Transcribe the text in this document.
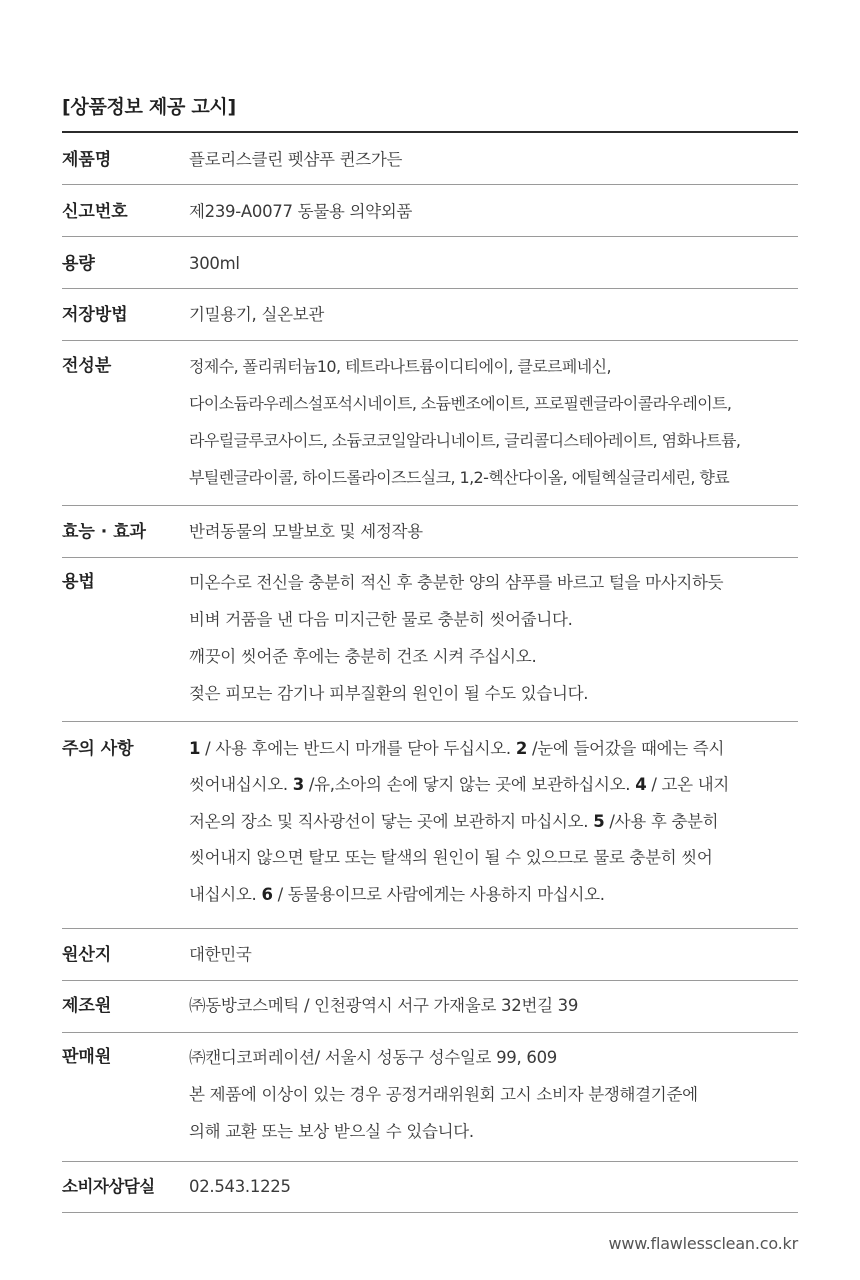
[상품정보 제공 고시]
제품명	플로리스클린 펫샴푸 퀸즈가든
신고번호	제239-A0077 동물용 의약외품
용량	300ml
저장방법	기밀용기, 실온보관
전성분	정제수, 폴리쿼터늄10, 테트라나트륨이디티에이, 클로르페네신,
다이소듐라우레스설포석시네이트, 소듐벤조에이트, 프로필렌글라이콜라우레이트,
라우릴글루코사이드, 소듐코코일알라니네이트, 글리콜디스테아레이트, 염화나트륨,
부틸렌글라이콜, 하이드롤라이즈드실크, 1,2-헥산다이올, 에틸헥실글리세린, 향료
효능 · 효과	반려동물의 모발보호 및 세정작용
용법	미온수로 전신을 충분히 적신 후 충분한 양의 샴푸를 바르고 털을 마사지하듯
비벼 거품을 낸 다음 미지근한 물로 충분히 씻어줍니다.
깨끗이 씻어준 후에는 충분히 건조 시켜 주십시오.
젖은 피모는 감기나 피부질환의 원인이 될 수도 있습니다.
주의 사항	1 / 사용 후에는 반드시 마개를 닫아 두십시오. 2 /눈에 들어갔을 때에는 즉시
씻어내십시오. 3 /유,소아의 손에 닿지 않는 곳에 보관하십시오. 4 / 고온 내지
저온의 장소 및 직사광선이 닿는 곳에 보관하지 마십시오. 5 /사용 후 충분히
씻어내지 않으면 탈모 또는 탈색의 원인이 될 수 있으므로 물로 충분히 씻어
내십시오. 6 / 동물용이므로 사람에게는 사용하지 마십시오.
원산지	대한민국
제조원	㈜동방코스메틱 / 인천광역시 서구 가재울로 32번길 39
판매원	㈜캔디코퍼레이션/ 서울시 성동구 성수일로 99, 609
본 제품에 이상이 있는 경우 공정거래위원회 고시 소비자 분쟁해결기준에
의해 교환 또는 보상 받으실 수 있습니다.
소비자상담실	02.543.1225
www.flawlessclean.co.kr
